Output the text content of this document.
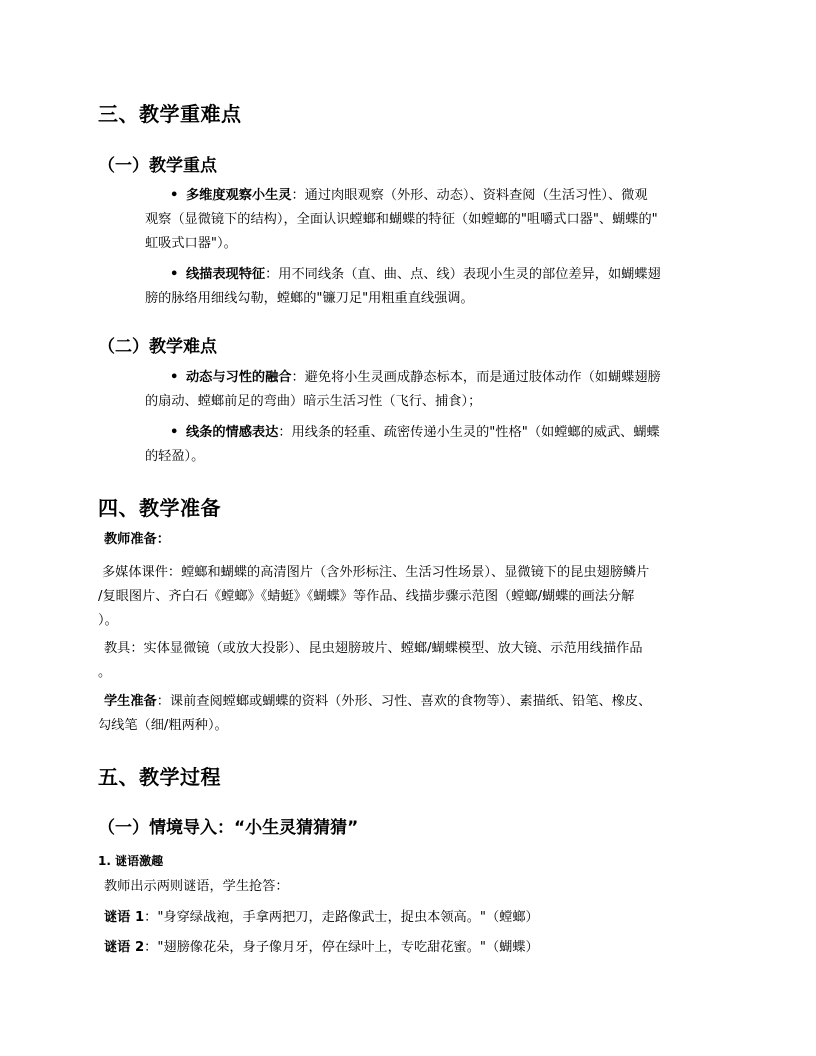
三、教学重难点
（一）教学重点
• 多维度观察小生灵：通过肉眼观察（外形、动态）、资料查阅（生活习性）、微观
观察（显微镜下的结构），全面认识螳螂和蝴蝶的特征（如螳螂的"咀嚼式口器"、蝴蝶的"
虹吸式口器"）。
• 线描表现特征：用不同线条（直、曲、点、线）表现小生灵的部位差异，如蝴蝶翅
膀的脉络用细线勾勒，螳螂的"镰刀足"用粗重直线强调。
（二）教学难点
• 动态与习性的融合：避免将小生灵画成静态标本，而是通过肢体动作（如蝴蝶翅膀
的扇动、螳螂前足的弯曲）暗示生活习性（飞行、捕食）；
• 线条的情感表达：用线条的轻重、疏密传递小生灵的"性格"（如螳螂的威武、蝴蝶
的轻盈）。
四、教学准备
教师准备：
多媒体课件：螳螂和蝴蝶的高清图片（含外形标注、生活习性场景）、显微镜下的昆虫翅膀鳞片
/复眼图片、齐白石《螳螂》《蜻蜓》《蝴蝶》等作品、线描步骤示范图（螳螂/蝴蝶的画法分解
）。
教具：实体显微镜（或放大投影）、昆虫翅膀玻片、螳螂/蝴蝶模型、放大镜、示范用线描作品
。
学生准备：课前查阅螳螂或蝴蝶的资料（外形、习性、喜欢的食物等）、素描纸、铅笔、橡皮、
勾线笔（细/粗两种）。
五、教学过程
（一）情境导入：“小生灵猜猜猜”
1. 谜语激趣
教师出示两则谜语，学生抢答：
谜语 1："身穿绿战袍，手拿两把刀，走路像武士，捉虫本领高。"（螳螂）
谜语 2："翅膀像花朵，身子像月牙，停在绿叶上，专吃甜花蜜。"（蝴蝶）
